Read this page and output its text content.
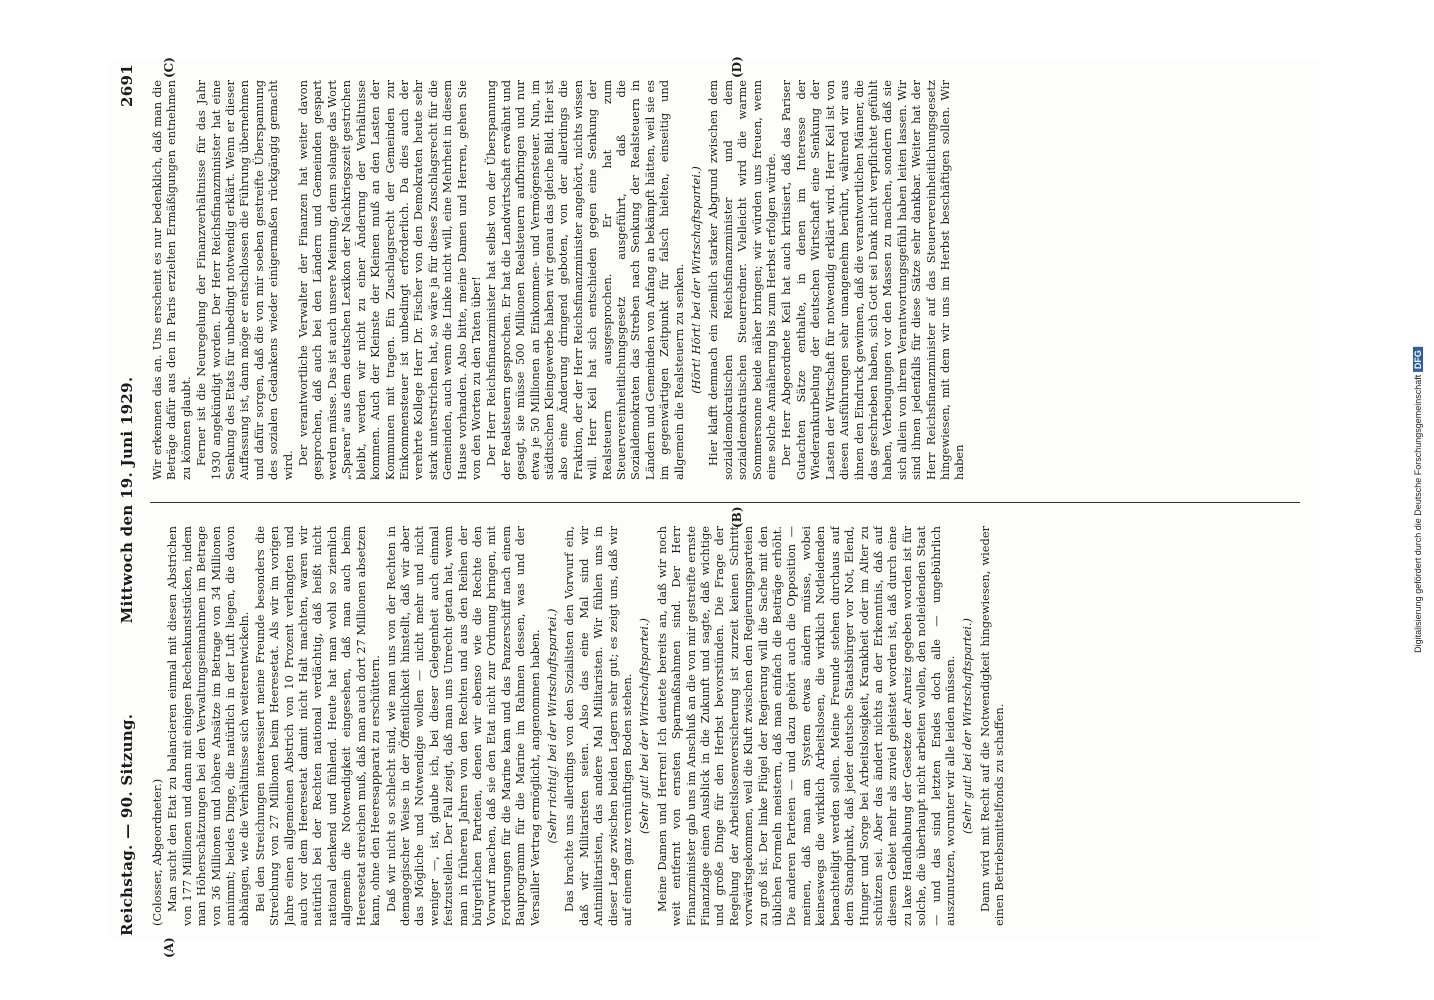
Reichstag. — 90. Sitzung.
Mittwoch den 19. Juni 1929.
2691

(Colosser, Abgeordneter.) Man sucht den Etat zu balancieren einmal mit diesen Abstrichen von 177 Millionen und dann mit einigen Rechenkunststücken, indem man Höherschätzungen bei den Verwaltungseinnahmen im Betrage von 36 Millionen und höhere Ansätze im Betrage von 34 Millionen annimmt; beides Dinge, die natürlich in der Luft liegen, die davon abhängen, wie die Verhältnisse sich weiterentwickeln. Bei den Streichungen interessiert meine Freunde besonders die Streichung von 27 Millionen beim Heeresetat. Als wir im vorigen Jahre einen allgemeinen Abstrich von 10 Prozent verlangten und auch vor dem Heeresetat damit nicht Halt machten, waren wir natürlich bei der Rechten national verdächtig, daß heißt nicht national denkend und fühlend. Heute hat man wohl so ziemlich allgemein die Notwendigkeit eingesehen, daß man auch beim Heeresetat streichen muß, daß man auch dort 27 Millionen absetzen kann, ohne den Heeresapparat zu erschüttern. Daß wir nicht so schlecht sind, wie man uns von der Rechten in demagogischer Weise in der Öffentlichkeit hinstellt, daß wir aber das Mögliche und Notwendige wollen — nicht mehr und nicht weniger —, ist, glaube ich, bei dieser Gelegenheit auch einmal festzustellen. Der Fall zeigt, daß man uns Unrecht getan hat, wenn man in früheren Jahren von den Rechten und aus den Reihen der bürgerlichen Parteien, denen wir ebenso wie die Rechte den Vorwurf machen, daß sie den Etat nicht zur Ordnung bringen, mit Forderungen für die Marine kam und das Panzerschiff nach einem Bauprogramm für die Marine im Rahmen dessen, was und der Versailler Vertrag ermöglicht, angenommen haben. (Sehr richtig! bei der Wirtschaftspartei.) Das brachte uns allerdings von den Sozialisten den Vorwurf ein, daß wir Militaristen seien. Also das eine Mal sind wir Antimilitaristen, das andere Mal Militaristen. Wir fühlen uns in dieser Lage zwischen beiden Lagern sehr gut; es zeigt uns, daß wir auf einem ganz vernünftigen Boden stehen. (Sehr gut! bei der Wirtschaftspartei.) Meine Damen und Herren! Ich deutete bereits an, daß wir noch weit entfernt von ernsten Sparmaßnahmen sind. Der Herr Finanzminister gab uns im Anschluß an die von mir gestreifte ernste Finanzlage einen Ausblick in die Zukunft und sagte, daß wichtige und große Dinge für den Herbst bevorstünden. Die Frage der Regelung der Arbeitslosenversicherung ist zurzeit keinen Schritt vorwärtsgekommen, weil die Kluft zwischen den Regierungsparteien zu groß ist. Der linke Flügel der Regierung will die Sache mit den üblichen Formeln meistern, daß man einfach die Beiträge erhöht. Die anderen Parteien — und dazu gehört auch die Opposition — meinen, daß man am System etwas ändern müsse, wobei keineswegs die wirklich Arbeitslosen, die wirklich Notleidenden benachteiligt werden sollen. Meine Freunde stehen durchaus auf dem Standpunkt, daß jeder deutsche Staatsbürger vor Not, Elend, Hunger und Sorge bei Arbeitslosigkeit, Krankheit oder im Alter zu schützen sei. Aber das ändert nichts an der Erkenntnis, daß auf diesem Gebiet mehr als zuviel geleistet worden ist, daß durch eine zu laxe Handhabung der Gesetze der Anreiz gegeben worden ist für solche, die überhaupt nicht arbeiten wollen, den notleidenden Staat — und das sind letzten Endes doch alle — ungebührlich auszunutzen, worunter wir alle leiden müssen. (Sehr gut! bei der Wirtschaftspartei.) Dann wird mit Recht auf die Notwendigkeit hingewiesen, wieder einen Betriebsmittelfonds zu schaffen.

Wir erkennen das an. Uns erscheint es nur bedenklich, daß man die Beträge dafür aus den in Paris erzielten Ermäßigungen entnehmen zu können glaubt. Ferner ist die Neuregelung der Finanzverhältnisse für das Jahr 1930 angekündigt worden. Der Herr Reichsfinanzminister hat eine Senkung des Etats für unbedingt notwendig erklärt. Wenn er dieser Auffassung ist, dann möge er entschlossen die Führung übernehmen und dafür sorgen, daß die von mir soeben gestreifte Überspannung des sozialen Gedankens wieder einigermaßen rückgängig gemacht wird. Der verantwortliche Verwalter der Finanzen hat weiter davon gesprochen, daß auch bei den Ländern und Gemeinden gespart werden müsse. Das ist auch unsere Meinung, denn solange das Wort „Sparen“ aus dem deutschen Lexikon der Nachkriegszeit gestrichen bleibt, werden wir nicht zu einer Änderung der Verhältnisse kommen. Auch der Kleinste der Kleinen muß an den Lasten der Kommunen mit tragen. Ein Zuschlagsrecht der Gemeinden zur Einkommensteuer ist unbedingt erforderlich. Da dies auch der verehrte Kollege Herr Dr. Fischer von den Demokraten heute sehr stark unterstrichen hat, so wäre ja für dieses Zuschlagsrecht für die Gemeinden, auch wenn die Linke nicht will, eine Mehrheit in diesem Hause vorhanden. Also bitte, meine Damen und Herren, gehen Sie von den Worten zu den Taten über! Der Herr Reichsfinanzminister hat selbst von der Überspannung der Realsteuern gesprochen. Er hat die Landwirtschaft erwähnt und gesagt, sie müsse 500 Millionen Realsteuern aufbringen und nur etwa je 50 Millionen an Einkommen- und Vermögensteuer. Nun, im städtischen Kleingewerbe haben wir genau das gleiche Bild. Hier ist also eine Änderung dringend geboten, von der allerdings die Fraktion, der der Herr Reichsfinanzminister angehört, nichts wissen will. Herr Keil hat sich entschieden gegen eine Senkung der Realsteuern ausgesprochen. Er hat zum Steuervereinheitlichungsgesetz ausgeführt, daß die Sozialdemokraten das Streben nach Senkung der Realsteuern in Ländern und Gemeinden von Anfang an bekämpft hätten, weil sie es im gegenwärtigen Zeitpunkt für falsch hielten, einseitig und allgemein die Realsteuern zu senken. (Hört! Hört! bei der Wirtschaftspartei.) Hier klafft demnach ein ziemlich starker Abgrund zwischen dem sozialdemokratischen Reichsfinanzminister und dem sozialdemokratischen Steuerredner. Vielleicht wird die warme Sommersonne beide näher bringen; wir würden uns freuen, wenn eine solche Annäherung bis zum Herbst erfolgen würde. Der Herr Abgeordnete Keil hat auch kritisiert, daß das Pariser Gutachten Sätze enthalte, in denen im Interesse der Wiederankurbelung der deutschen Wirtschaft eine Senkung der Lasten der Wirtschaft für notwendig erklärt wird. Herr Keil ist von diesen Ausführungen sehr unangenehm berührt, während wir aus ihnen den Eindruck gewinnen, daß die verantwortlichen Männer, die das geschrieben haben, sich Gott sei Dank nicht verpflichtet gefühlt haben, Verbeugungen vor den Massen zu machen, sondern daß sie sich allein von ihrem Verantwortungsgefühl haben leiten lassen. Wir sind ihnen jedenfalls für diese Sätze sehr dankbar. Weiter hat der Herr Reichsfinanzminister auf das Steuervereinheitlichungsgesetz hingewiesen, mit dem wir uns im Herbst beschäftigen sollen. Wir haben

(A)
(B)
(C)	(D)
Digitalisierung gefördert durch die Deutsche Forschungsgemeinschaft DFG
